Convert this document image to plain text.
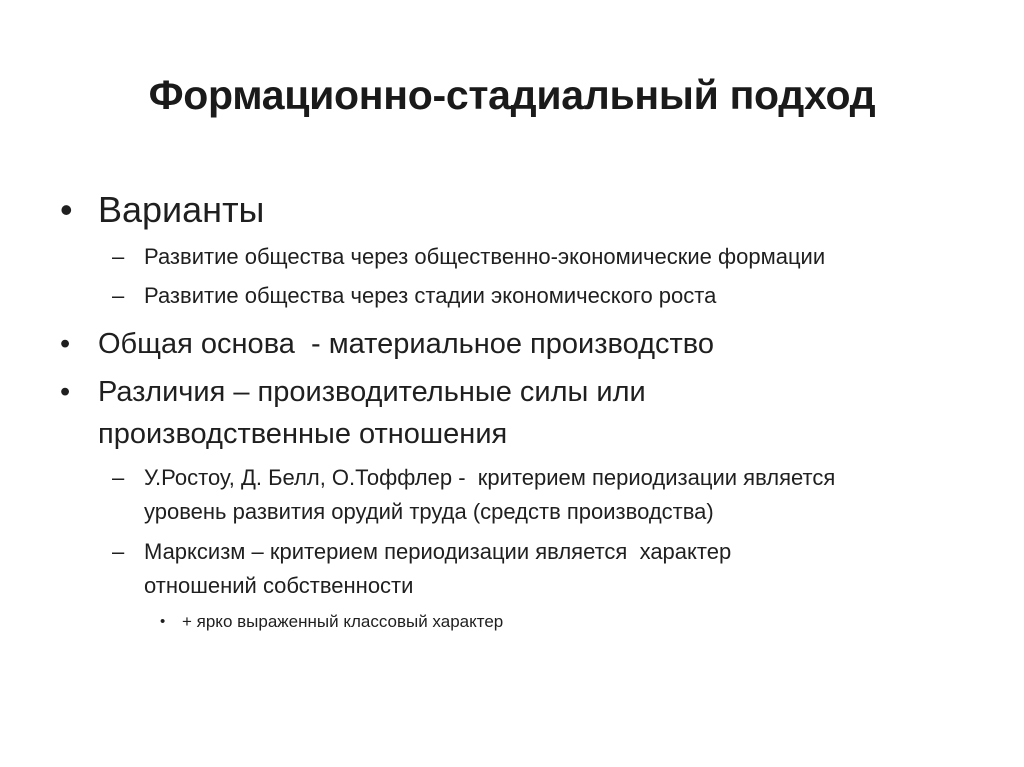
Формационно-стадиальный подход
• Варианты
– Развитие общества через общественно-экономические формации
– Развитие общества через стадии экономического роста
• Общая основа  - материальное производство
• Различия – производительные силы или
производственные отношения
– У.Ростоу, Д. Белл, О.Тоффлер -  критерием периодизации является
уровень развития орудий труда (средств производства)
– Марксизм – критерием периодизации является  характер
отношений собственности
• + ярко выраженный классовый характер
